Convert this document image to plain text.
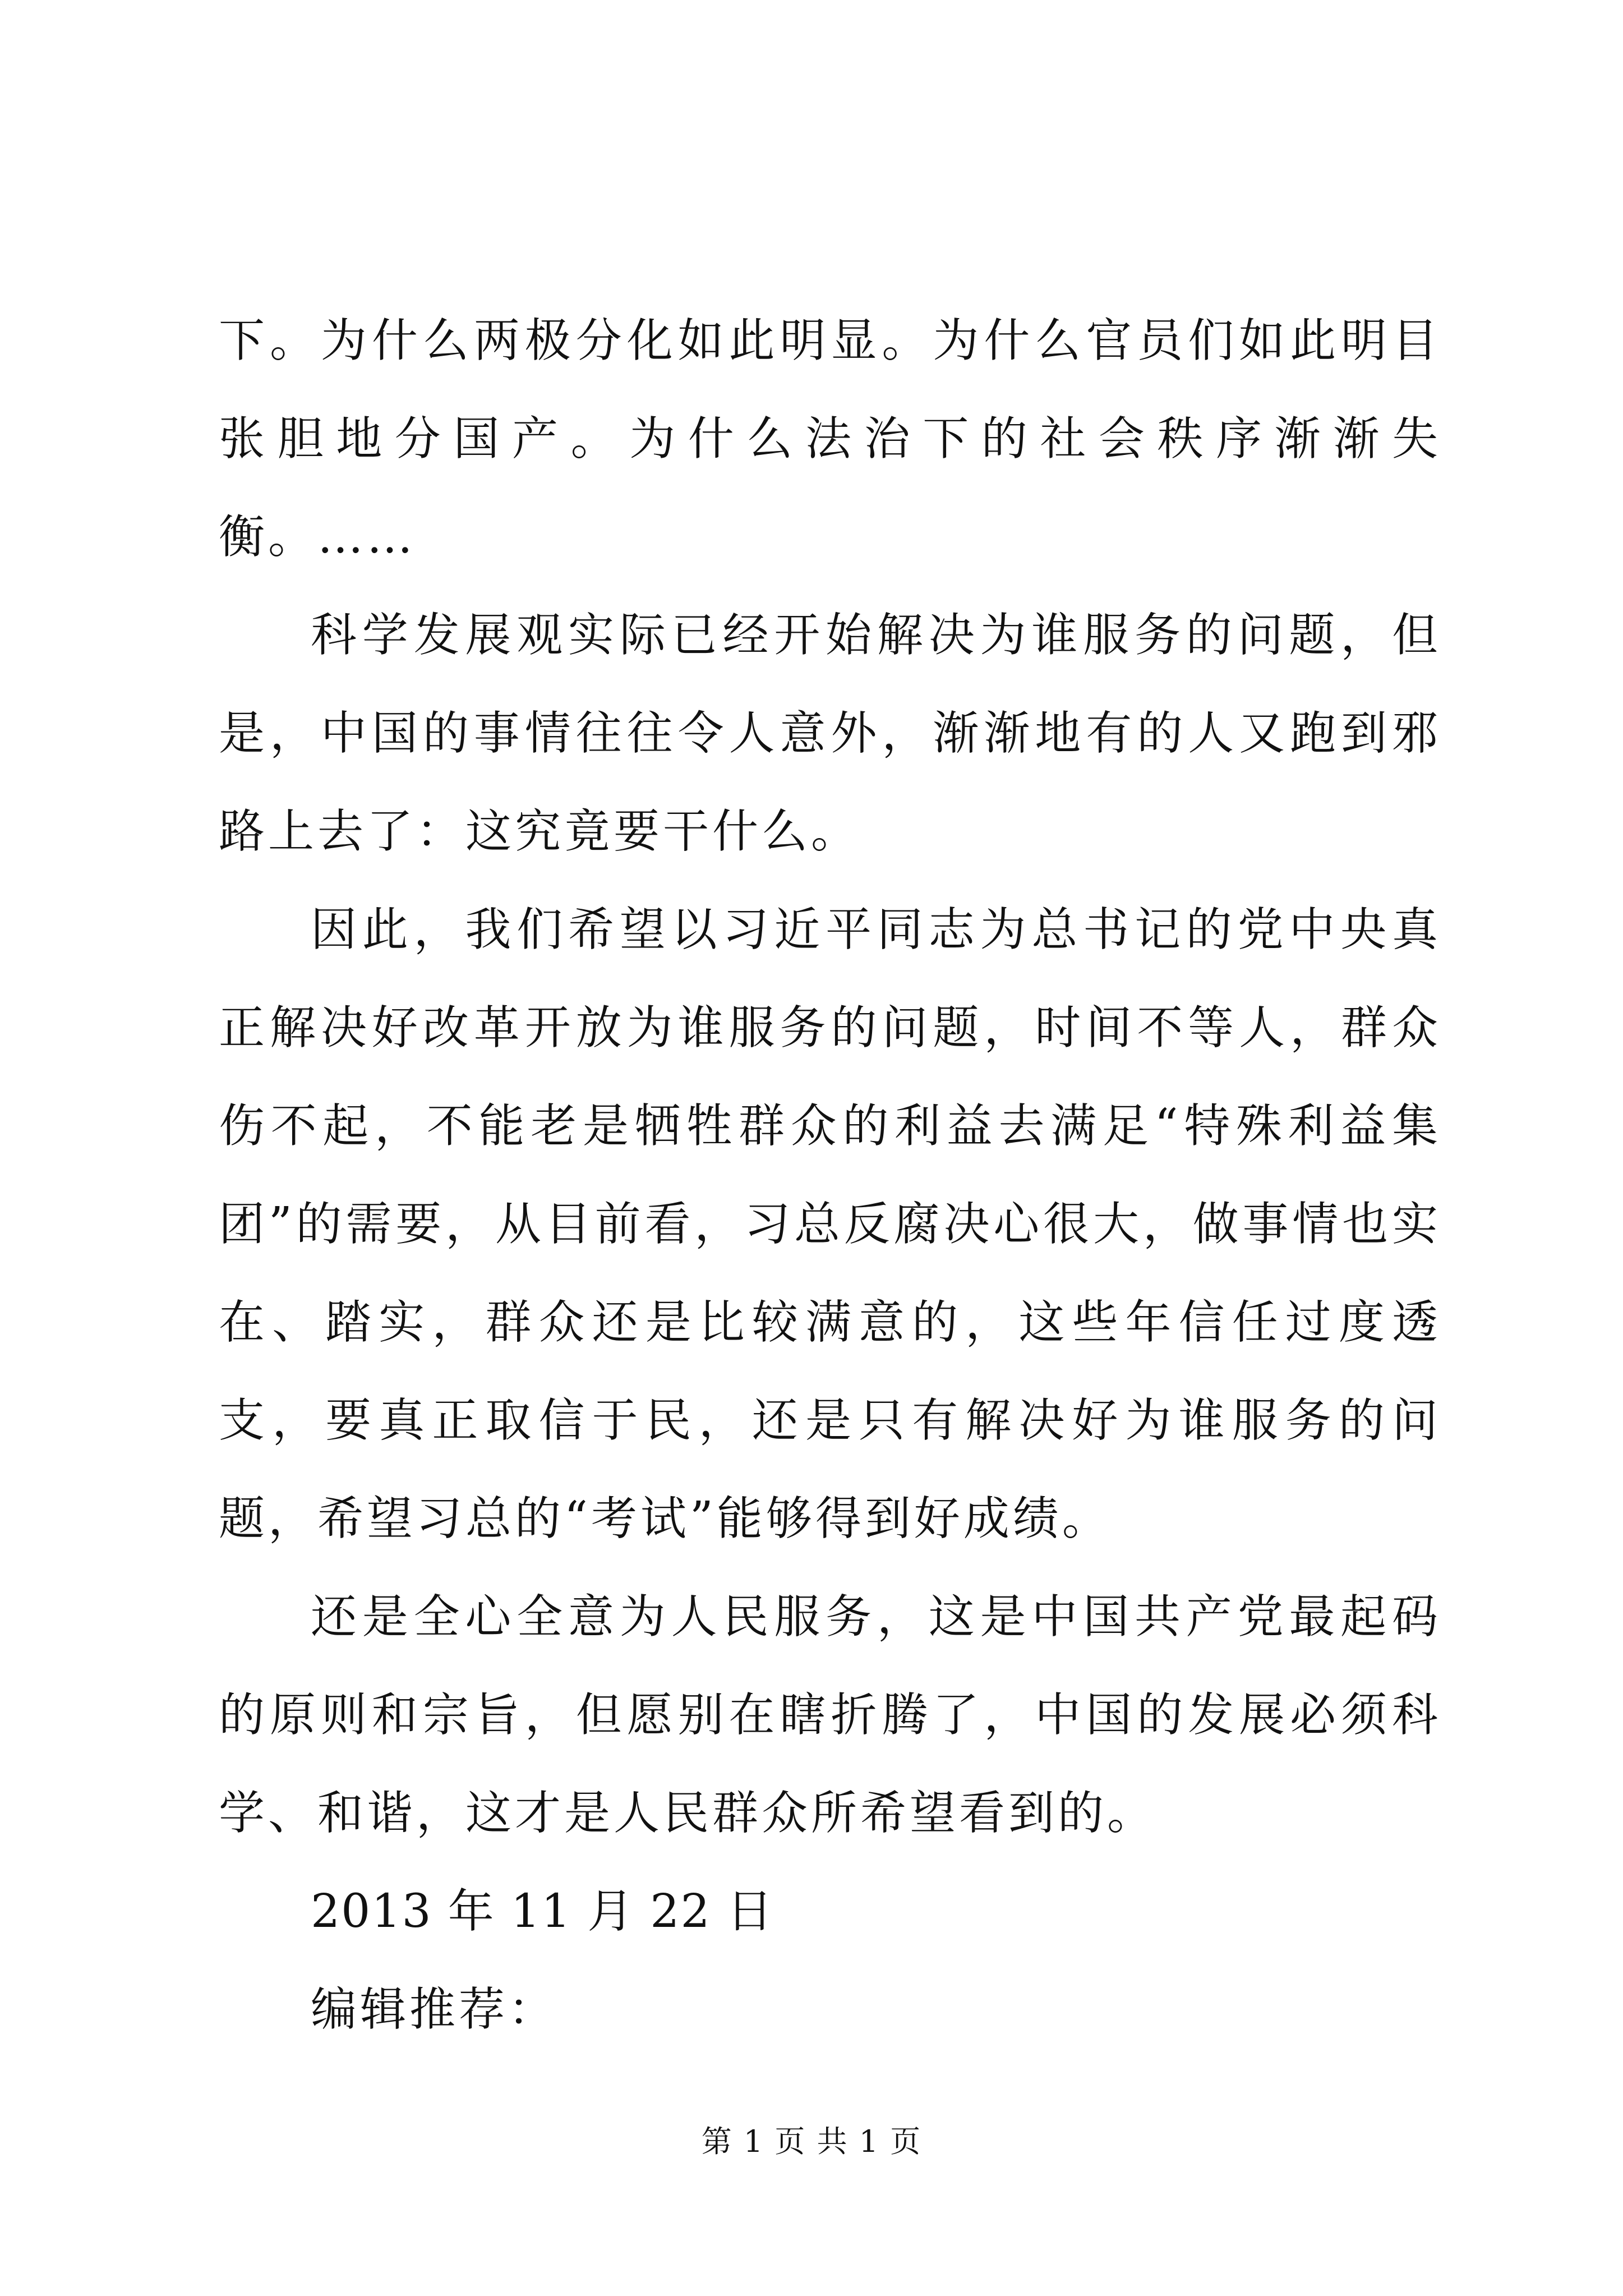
下。为什么两极分化如此明显。为什么官员们如此明目张胆地分国产。为什么法治下的社会秩序渐渐失衡。……

科学发展观实际已经开始解决为谁服务的问题，但是，中国的事情往往令人意外，渐渐地有的人又跑到邪路上去了：这究竟要干什么。

因此，我们希望以习近平同志为总书记的党中央真正解决好改革开放为谁服务的问题，时间不等人，群众伤不起，不能老是牺牲群众的利益去满足“特殊利益集团”的需要，从目前看，习总反腐决心很大，做事情也实在、踏实，群众还是比较满意的，这些年信任过度透支，要真正取信于民，还是只有解决好为谁服务的问题，希望习总的“考试”能够得到好成绩。

还是全心全意为人民服务，这是中国共产党最起码的原则和宗旨，但愿别在瞎折腾了，中国的发展必须科学、和谐，这才是人民群众所希望看到的。

2013 年 11 月 22 日

编辑推荐：

第 1 页 共 1 页
